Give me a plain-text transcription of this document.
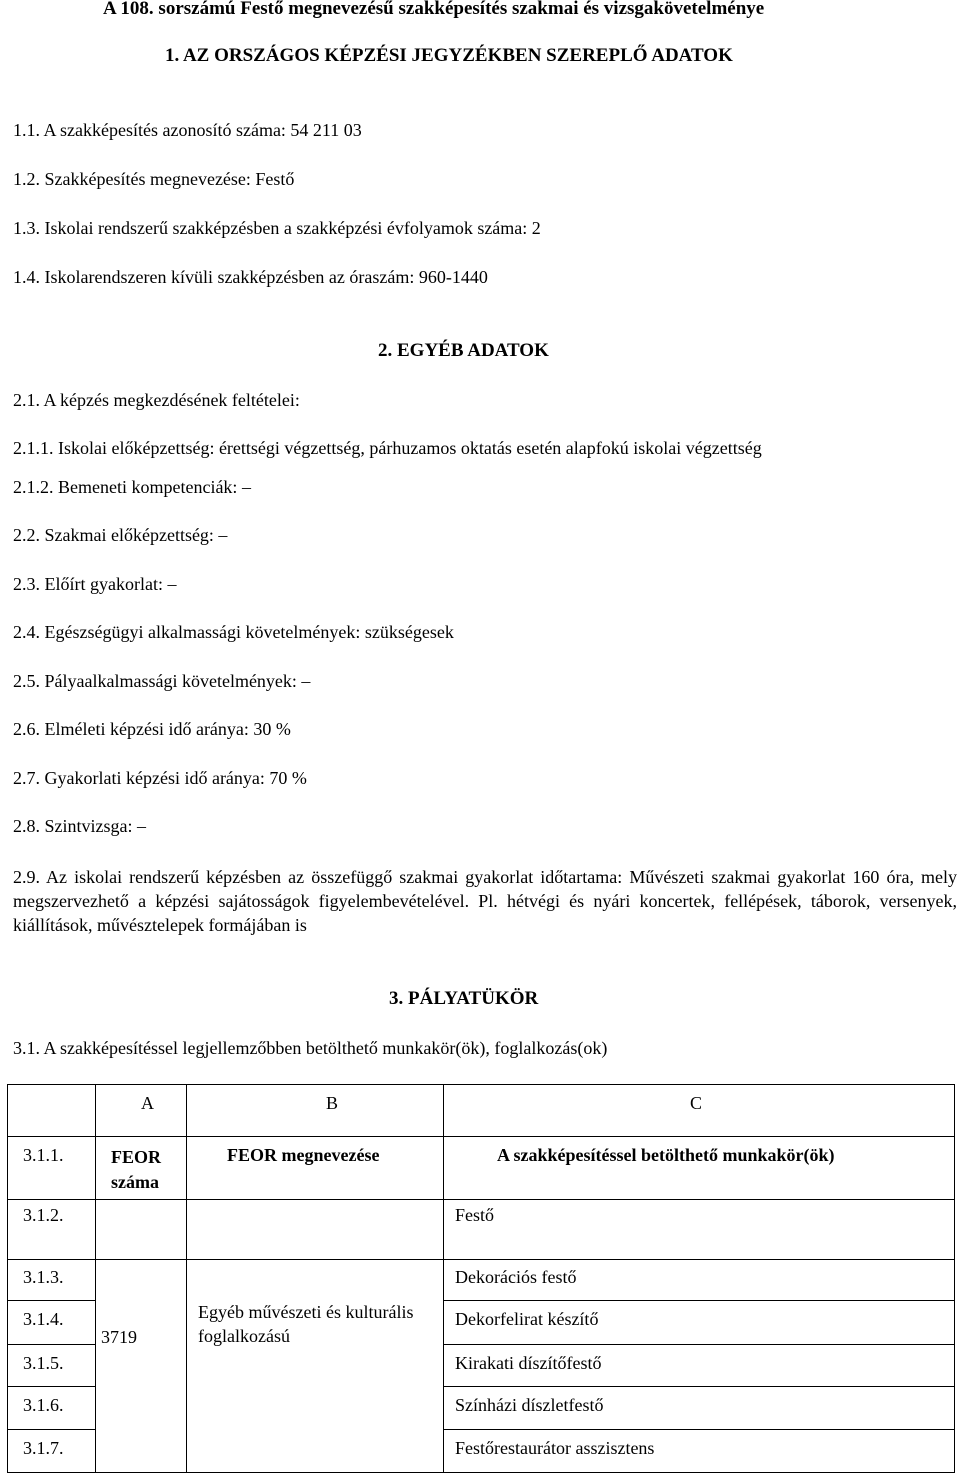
A 108. sorszámú Festő megnevezésű szakképesítés szakmai és vizsgakövetelménye
1. AZ ORSZÁGOS KÉPZÉSI JEGYZÉKBEN SZEREPLŐ ADATOK
1.1. A szakképesítés azonosító száma: 54 211 03
1.2. Szakképesítés megnevezése: Festő
1.3. Iskolai rendszerű szakképzésben a szakképzési évfolyamok száma: 2
1.4. Iskolarendszeren kívüli szakképzésben az óraszám: 960-1440
2. EGYÉB ADATOK
2.1. A képzés megkezdésének feltételei:
2.1.1. Iskolai előképzettség: érettségi végzettség, párhuzamos oktatás esetén alapfokú iskolai végzettség
2.1.2. Bemeneti kompetenciák: –
2.2. Szakmai előképzettség: –
2.3. Előírt gyakorlat: –
2.4. Egészségügyi alkalmassági követelmények: szükségesek
2.5. Pályaalkalmassági követelmények: –
2.6. Elméleti képzési idő aránya: 30 %
2.7. Gyakorlati képzési idő aránya: 70 %
2.8. Szintvizsga: –
2.9. Az iskolai rendszerű képzésben az összefüggő szakmai gyakorlat időtartama: Művészeti szakmai gyakorlat 160 óra, mely megszervezhető a képzési sajátosságok figyelembevételével. Pl. hétvégi és nyári koncertek, fellépések, táborok, versenyek, kiállítások, művésztelepek formájában is
3. PÁLYATÜKÖR
3.1. A szakképesítéssel legjellemzőbben betölthető munkakör(ök), foglalkozás(ok)

	A	B	C

3.1.1.	FEOR száma	FEOR megnevezése	A szakképesítéssel betölthető munkakör(ök)

3.1.2.			Festő

3.1.3.	3719	Egyéb művészeti és kulturális foglalkozású	Dekorációs festő

3.1.4.			Dekorfelirat készítő

3.1.5.			Kirakati díszítőfestő

3.1.6.			Színházi díszletfestő

3.1.7.			Festőrestaurátor asszisztens
